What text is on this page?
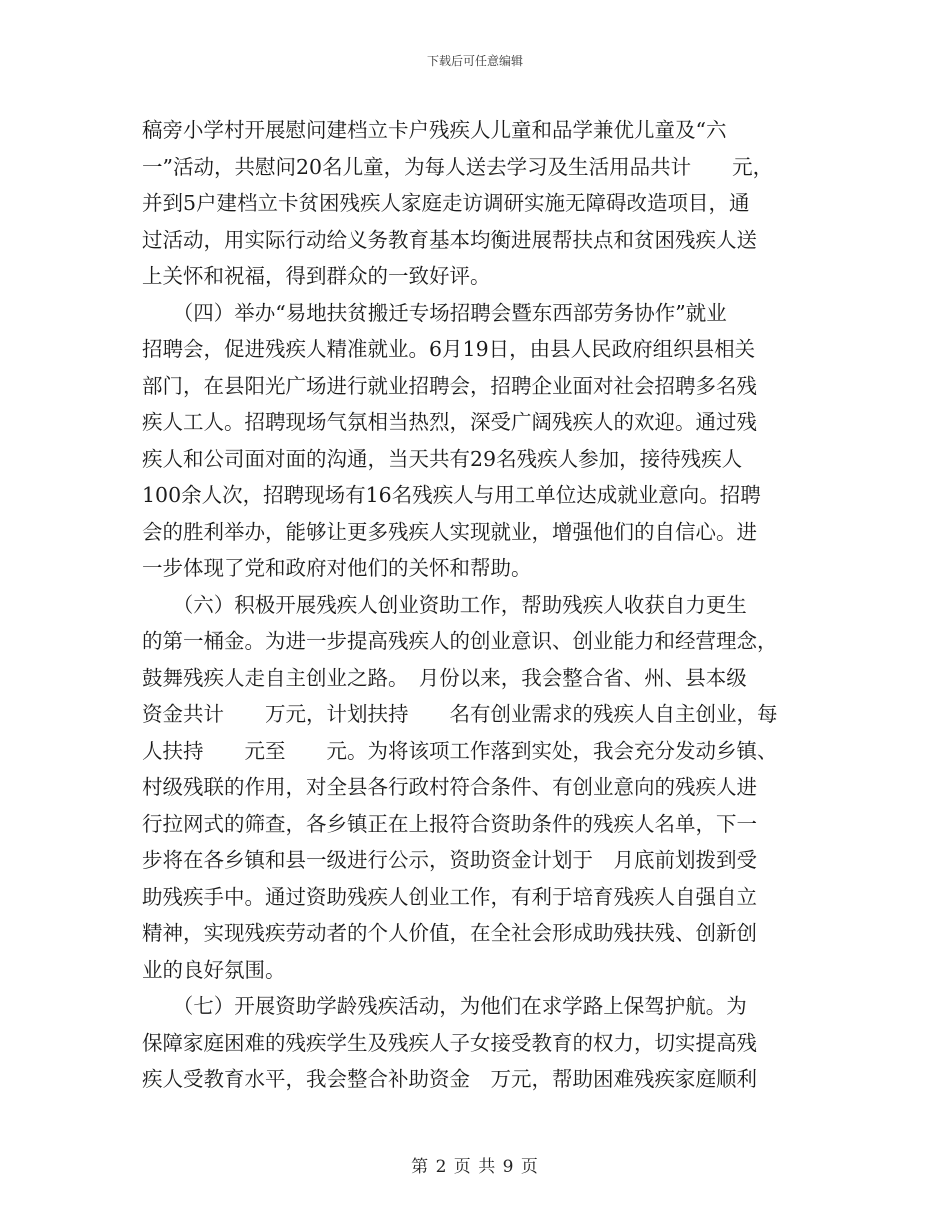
下载后可任意编辑
稿旁小学村开展慰问建档立卡户残疾人儿童和品学兼优儿童及“六
一”活动，共慰问20名儿童，为每人送去学习及生活用品共计　　元，
并到5户建档立卡贫困残疾人家庭走访调研实施无障碍改造项目，通
过活动，用实际行动给义务教育基本均衡进展帮扶点和贫困残疾人送
上关怀和祝福，得到群众的一致好评。
　　（四）举办“易地扶贫搬迁专场招聘会暨东西部劳务协作”就业
招聘会，促进残疾人精准就业。6月19日，由县人民政府组织县相关
部门，在县阳光广场进行就业招聘会，招聘企业面对社会招聘多名残
疾人工人。招聘现场气氛相当热烈，深受广阔残疾人的欢迎。通过残
疾人和公司面对面的沟通，当天共有29名残疾人参加，接待残疾人
100余人次，招聘现场有16名残疾人与用工单位达成就业意向。招聘
会的胜利举办，能够让更多残疾人实现就业，增强他们的自信心。进
一步体现了党和政府对他们的关怀和帮助。
　　（六）积极开展残疾人创业资助工作，帮助残疾人收获自力更生
的第一桶金。为进一步提高残疾人的创业意识、创业能力和经营理念，
鼓舞残疾人走自主创业之路。　月份以来，我会整合省、州、县本级
资金共计　　万元，计划扶持　　名有创业需求的残疾人自主创业，每
人扶持　　元至　　元。为将该项工作落到实处，我会充分发动乡镇、
村级残联的作用，对全县各行政村符合条件、有创业意向的残疾人进
行拉网式的筛查，各乡镇正在上报符合资助条件的残疾人名单，下一
步将在各乡镇和县一级进行公示，资助资金计划于　月底前划拨到受
助残疾手中。通过资助残疾人创业工作，有利于培育残疾人自强自立
精神，实现残疾劳动者的个人价值，在全社会形成助残扶残、创新创
业的良好氛围。
　　（七）开展资助学龄残疾活动，为他们在求学路上保驾护航。为
保障家庭困难的残疾学生及残疾人子女接受教育的权力，切实提高残
疾人受教育水平，我会整合补助资金　万元，帮助困难残疾家庭顺利
第 2 页 共 9 页
